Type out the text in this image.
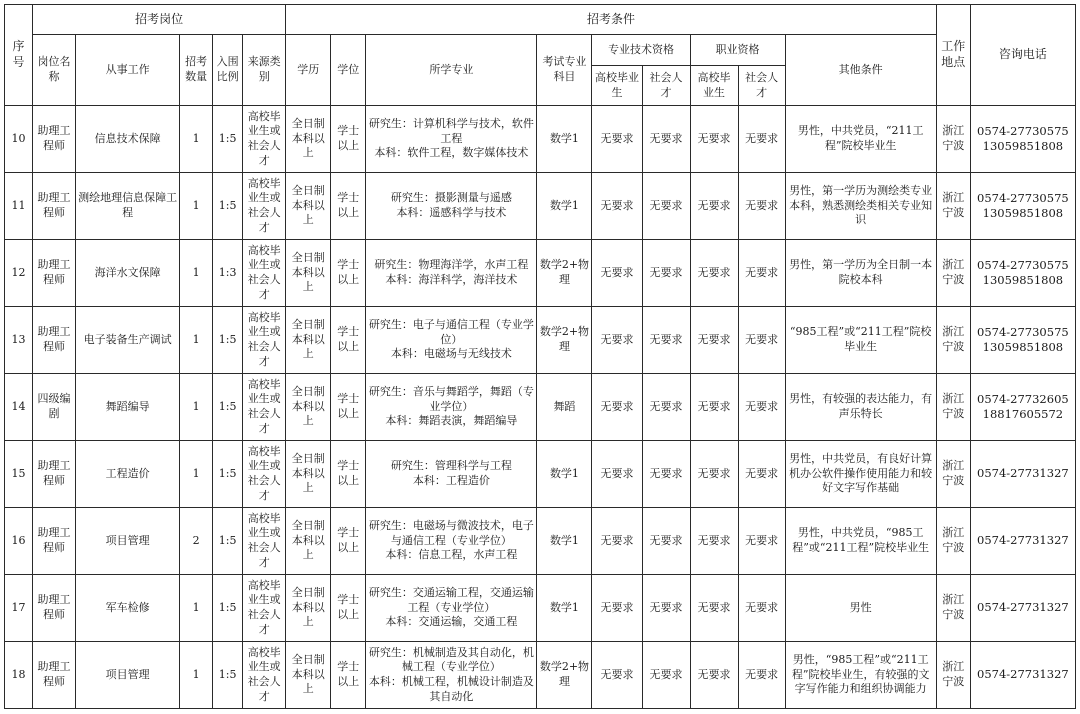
序号	招考岗位					招考条件									工作地点	咨询电话
	岗位名称	从事工作	招考数量	入围比例	来源类别	学历	学位	所学专业	考试专业科目	专业技术资格		职业资格		其他条件		
										高校毕业生	社会人才	高校毕业生	社会人才			
10	助理工程师	信息技术保障	1	1:5	高校毕业生或社会人才	全日制本科以上	学士以上	研究生：计算机科学与技术，软件工程
本科：软件工程，数字媒体技术	数学1	无要求	无要求	无要求	无要求	男性，中共党员，“211工程”院校毕业生	浙江宁波	0574-27730575
13059851808
11	助理工程师	测绘地理信息保障工程	1	1:5	高校毕业生或社会人才	全日制本科以上	学士以上	研究生：摄影测量与遥感
本科：遥感科学与技术	数学1	无要求	无要求	无要求	无要求	男性，第一学历为测绘类专业本科，熟悉测绘类相关专业知识	浙江宁波	0574-27730575
13059851808
12	助理工程师	海洋水文保障	1	1:3	高校毕业生或社会人才	全日制本科以上	学士以上	研究生：物理海洋学，水声工程
本科：海洋科学，海洋技术	数学2+物理	无要求	无要求	无要求	无要求	男性，第一学历为全日制一本院校本科	浙江宁波	0574-27730575
13059851808
13	助理工程师	电子装备生产调试	1	1:5	高校毕业生或社会人才	全日制本科以上	学士以上	研究生：电子与通信工程（专业学位）
本科：电磁场与无线技术	数学2+物理	无要求	无要求	无要求	无要求	“985工程”或“211工程”院校毕业生	浙江宁波	0574-27730575
13059851808
14	四级编剧	舞蹈编导	1	1:5	高校毕业生或社会人才	全日制本科以上	学士以上	研究生：音乐与舞蹈学，舞蹈（专业学位）
本科：舞蹈表演，舞蹈编导	舞蹈	无要求	无要求	无要求	无要求	男性，有较强的表达能力，有声乐特长	浙江宁波	0574-27732605
18817605572
15	助理工程师	工程造价	1	1:5	高校毕业生或社会人才	全日制本科以上	学士以上	研究生：管理科学与工程
本科：工程造价	数学1	无要求	无要求	无要求	无要求	男性，中共党员，有良好计算机办公软件操作使用能力和较好文字写作基础	浙江宁波	0574-27731327
16	助理工程师	项目管理	2	1:5	高校毕业生或社会人才	全日制本科以上	学士以上	研究生：电磁场与微波技术，电子与通信工程（专业学位）
本科：信息工程，水声工程	数学1	无要求	无要求	无要求	无要求	男性，中共党员，“985工程”或“211工程”院校毕业生	浙江宁波	0574-27731327
17	助理工程师	军车检修	1	1:5	高校毕业生或社会人才	全日制本科以上	学士以上	研究生：交通运输工程，交通运输工程（专业学位）
本科：交通运输，交通工程	数学1	无要求	无要求	无要求	无要求	男性	浙江宁波	0574-27731327
18	助理工程师	项目管理	1	1:5	高校毕业生或社会人才	全日制本科以上	学士以上	研究生：机械制造及其自动化，机械工程（专业学位）
本科：机械工程，机械设计制造及其自动化	数学2+物理	无要求	无要求	无要求	无要求	男性，“985工程”或“211工程”院校毕业生，有较强的文字写作能力和组织协调能力	浙江宁波	0574-27731327
